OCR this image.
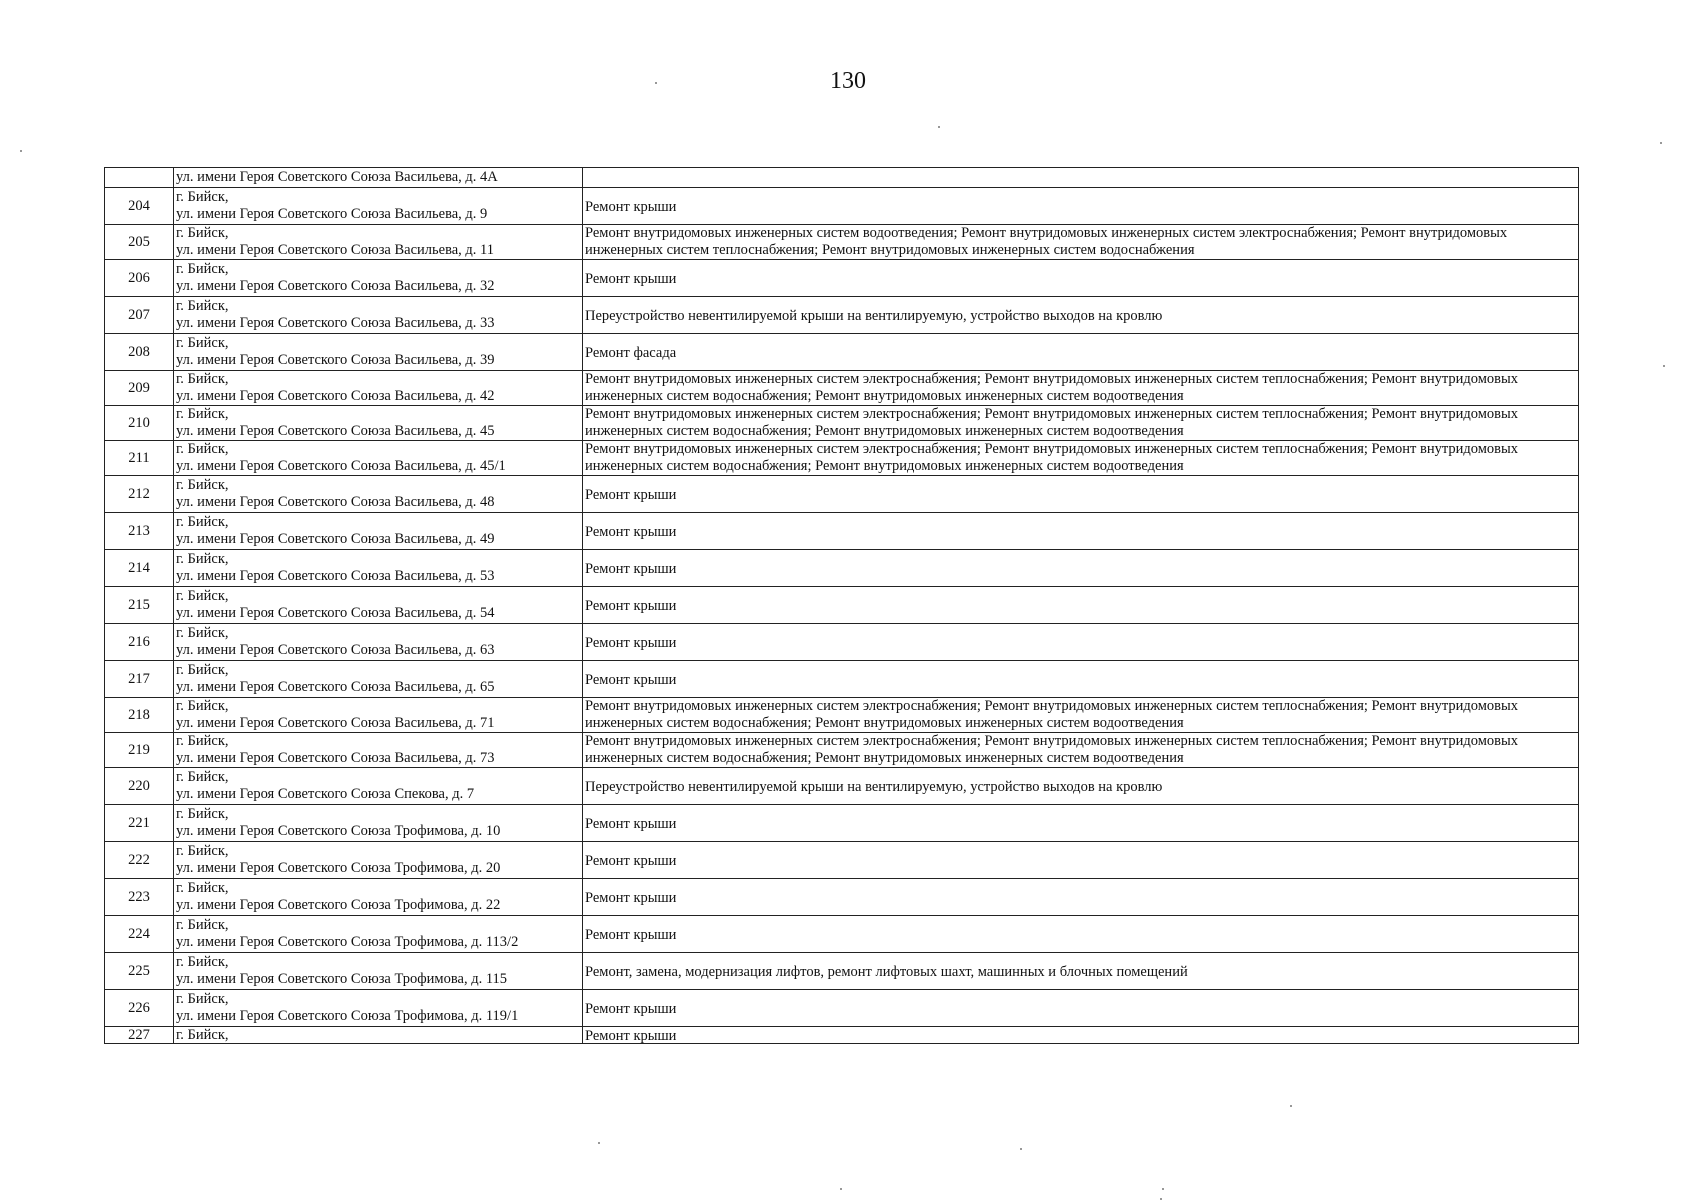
130

	ул. имени Героя Советского Союза Васильева, д. 4А	

204	г. Бийск,
ул. имени Героя Советского Союза Васильева, д. 9	Ремонт крыши
205	г. Бийск,
ул. имени Героя Советского Союза Васильева, д. 11	Ремонт внутридомовых инженерных систем водоотведения; Ремонт внутридомовых инженерных систем электроснабжения; Ремонт внутридомовых инженерных систем теплоснабжения; Ремонт внутридомовых инженерных систем водоснабжения
206	г. Бийск,
ул. имени Героя Советского Союза Васильева, д. 32	Ремонт крыши
207	г. Бийск,
ул. имени Героя Советского Союза Васильева, д. 33	Переустройство невентилируемой крыши на вентилируемую, устройство выходов на кровлю
208	г. Бийск,
ул. имени Героя Советского Союза Васильева, д. 39	Ремонт фасада
209	г. Бийск,
ул. имени Героя Советского Союза Васильева, д. 42	Ремонт внутридомовых инженерных систем электроснабжения; Ремонт внутридомовых инженерных систем теплоснабжения; Ремонт внутридомовых инженерных систем водоснабжения; Ремонт внутридомовых инженерных систем водоотведения
210	г. Бийск,
ул. имени Героя Советского Союза Васильева, д. 45	Ремонт внутридомовых инженерных систем электроснабжения; Ремонт внутридомовых инженерных систем теплоснабжения; Ремонт внутридомовых инженерных систем водоснабжения; Ремонт внутридомовых инженерных систем водоотведения
211	г. Бийск,
ул. имени Героя Советского Союза Васильева, д. 45/1	Ремонт внутридомовых инженерных систем электроснабжения; Ремонт внутридомовых инженерных систем теплоснабжения; Ремонт внутридомовых инженерных систем водоснабжения; Ремонт внутридомовых инженерных систем водоотведения
212	г. Бийск,
ул. имени Героя Советского Союза Васильева, д. 48	Ремонт крыши
213	г. Бийск,
ул. имени Героя Советского Союза Васильева, д. 49	Ремонт крыши
214	г. Бийск,
ул. имени Героя Советского Союза Васильева, д. 53	Ремонт крыши
215	г. Бийск,
ул. имени Героя Советского Союза Васильева, д. 54	Ремонт крыши
216	г. Бийск,
ул. имени Героя Советского Союза Васильева, д. 63	Ремонт крыши
217	г. Бийск,
ул. имени Героя Советского Союза Васильева, д. 65	Ремонт крыши
218	г. Бийск,
ул. имени Героя Советского Союза Васильева, д. 71	Ремонт внутридомовых инженерных систем электроснабжения; Ремонт внутридомовых инженерных систем теплоснабжения; Ремонт внутридомовых инженерных систем водоснабжения; Ремонт внутридомовых инженерных систем водоотведения
219	г. Бийск,
ул. имени Героя Советского Союза Васильева, д. 73	Ремонт внутридомовых инженерных систем электроснабжения; Ремонт внутридомовых инженерных систем теплоснабжения; Ремонт внутридомовых инженерных систем водоснабжения; Ремонт внутридомовых инженерных систем водоотведения
220	г. Бийск,
ул. имени Героя Советского Союза Спекова, д. 7	Переустройство невентилируемой крыши на вентилируемую, устройство выходов на кровлю
221	г. Бийск,
ул. имени Героя Советского Союза Трофимова, д. 10	Ремонт крыши
222	г. Бийск,
ул. имени Героя Советского Союза Трофимова, д. 20	Ремонт крыши
223	г. Бийск,
ул. имени Героя Советского Союза Трофимова, д. 22	Ремонт крыши
224	г. Бийск,
ул. имени Героя Советского Союза Трофимова, д. 113/2	Ремонт крыши
225	г. Бийск,
ул. имени Героя Советского Союза Трофимова, д. 115	Ремонт, замена, модернизация лифтов, ремонт лифтовых шахт, машинных и блочных помещений
226	г. Бийск,
ул. имени Героя Советского Союза Трофимова, д. 119/1	Ремонт крыши
227	г. Бийск,	Ремонт крыши
